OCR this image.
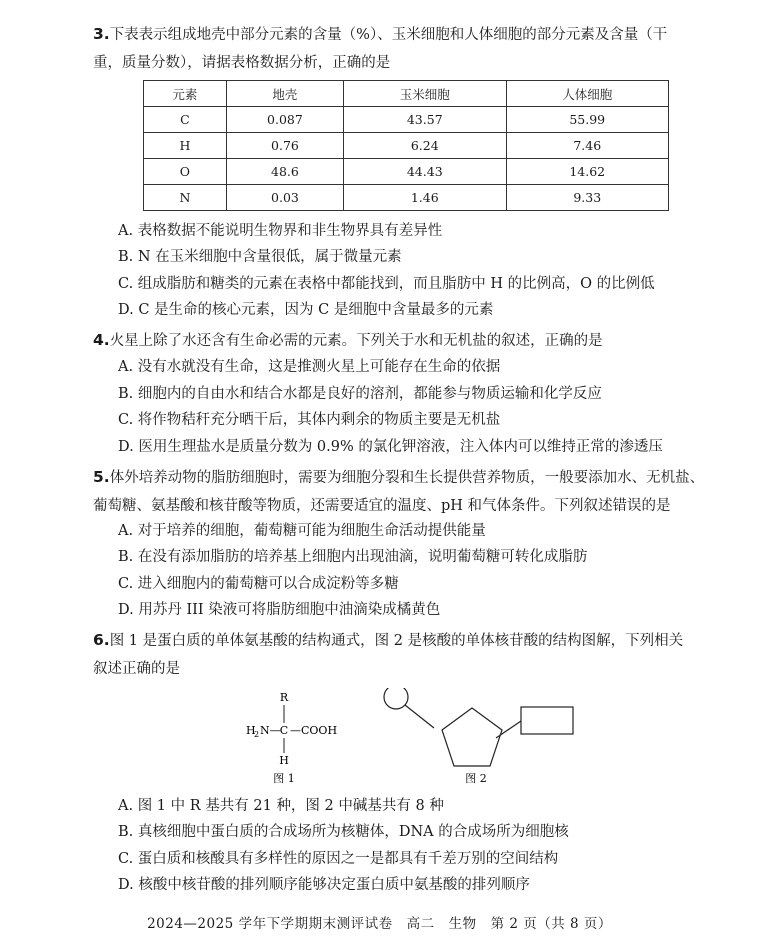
3.下表表示组成地壳中部分元素的含量（%）、玉米细胞和人体细胞的部分元素及含量（干
重，质量分数），请据表格数据分析，正确的是

元素	地壳	玉米细胞	人体细胞
C	0.087	43.57	55.99
H	0.76	6.24	7.46
O	48.6	44.43	14.62
N	0.03	1.46	9.33

A. 表格数据不能说明生物界和非生物界具有差异性

B. N 在玉米细胞中含量很低，属于微量元素

C. 组成脂肪和糖类的元素在表格中都能找到，而且脂肪中 H 的比例高，O 的比例低

D. C 是生命的核心元素，因为 C 是细胞中含量最多的元素

4.火星上除了水还含有生命必需的元素。下列关于水和无机盐的叙述，正确的是

A. 没有水就没有生命，这是推测火星上可能存在生命的依据

B. 细胞内的自由水和结合水都是良好的溶剂，都能参与物质运输和化学反应

C. 将作物秸秆充分晒干后，其体内剩余的物质主要是无机盐

D. 医用生理盐水是质量分数为 0.9% 的氯化钾溶液，注入体内可以维持正常的渗透压

5.体外培养动物的脂肪细胞时，需要为细胞分裂和生长提供营养物质，一般要添加水、无机盐、
葡萄糖、氨基酸和核苷酸等物质，还需要适宜的温度、pH 和气体条件。下列叙述错误的是

A. 对于培养的细胞，葡萄糖可能为细胞生命活动提供能量

B. 在没有添加脂肪的培养基上细胞内出现油滴，说明葡萄糖可转化成脂肪

C. 进入细胞内的葡萄糖可以合成淀粉等多糖

D. 用苏丹 III 染液可将脂肪细胞中油滴染成橘黄色

6.图 1 是蛋白质的单体氨基酸的结构通式，图 2 是核酸的单体核苷酸的结构图解，下列相关
叙述正确的是

R
H
2 N— C —COOH
H
图 1	图 2

A. 图 1 中 R 基共有 21 种，图 2 中碱基共有 8 种

B. 真核细胞中蛋白质的合成场所为核糖体，DNA 的合成场所为细胞核

C. 蛋白质和核酸具有多样性的原因之一是都具有千差万别的空间结构

D. 核酸中核苷酸的排列顺序能够决定蛋白质中氨基酸的排列顺序

2024—2025 学年下学期期末测评试卷　高二　生物　第 2 页（共 8 页）
